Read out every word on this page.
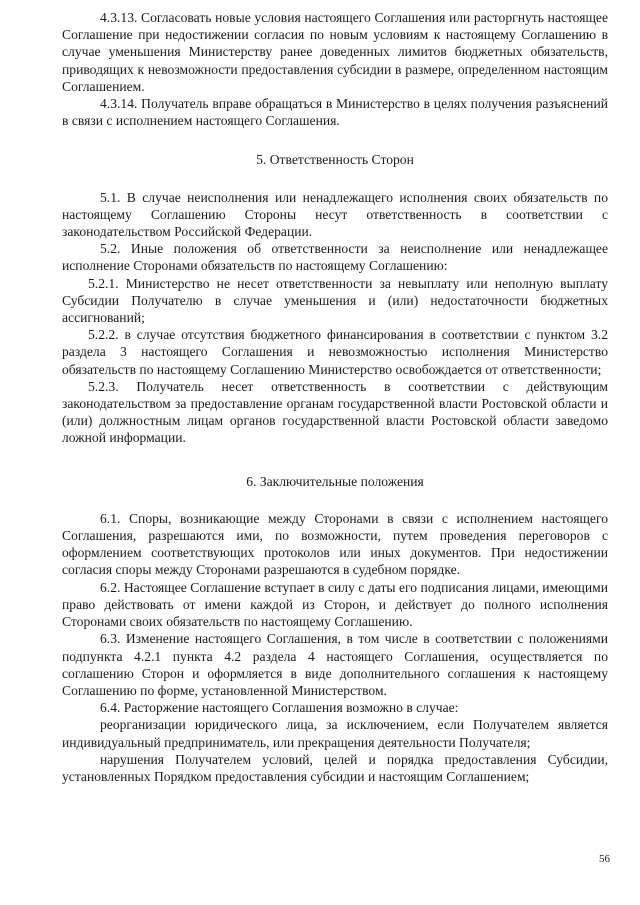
4.3.13. Согласовать новые условия настоящего Соглашения или расторгнуть настоящее Соглашение при недостижении согласия по новым условиям к настоящему Соглашению в случае уменьшения Министерству ранее доведенных лимитов бюджетных обязательств, приводящих к невозможности предоставления субсидии в размере, определенном настоящим Соглашением.

4.3.14. Получатель вправе обращаться в Министерство в целях получения разъяснений в связи с исполнением настоящего Соглашения.

5. Ответственность Сторон

5.1. В случае неисполнения или ненадлежащего исполнения своих обязательств по настоящему Соглашению Стороны несут ответственность в соответствии с законодательством Российской Федерации.

5.2. Иные положения об ответственности за неисполнение или ненадлежащее исполнение Сторонами обязательств по настоящему Соглашению:

5.2.1. Министерство не несет ответственности за невыплату или неполную выплату Субсидии Получателю в случае уменьшения и (или) недостаточности бюджетных ассигнований;

5.2.2. в случае отсутствия бюджетного финансирования в соответствии с пунктом 3.2 раздела 3 настоящего Соглашения и невозможностью исполнения Министерство обязательств по настоящему Соглашению Министерство освобождается от ответственности;

5.2.3. Получатель несет ответственность в соответствии с действующим законодательством за предоставление органам государственной власти Ростовской области и (или) должностным лицам органов государственной власти Ростовской области заведомо ложной информации.

6. Заключительные положения

6.1. Споры, возникающие между Сторонами в связи с исполнением настоящего Соглашения, разрешаются ими, по возможности, путем проведения переговоров с оформлением соответствующих протоколов или иных документов. При недостижении согласия споры между Сторонами разрешаются в судебном порядке.

6.2. Настоящее Соглашение вступает в силу с даты его подписания лицами, имеющими право действовать от имени каждой из Сторон, и действует до полного исполнения Сторонами своих обязательств по настоящему Соглашению.

6.3. Изменение настоящего Соглашения, в том числе в соответствии с положениями подпункта 4.2.1 пункта 4.2 раздела 4 настоящего Соглашения, осуществляется по соглашению Сторон и оформляется в виде дополнительного соглашения к настоящему Соглашению по форме, установленной Министерством.

6.4. Расторжение настоящего Соглашения возможно в случае:

реорганизации юридического лица, за исключением, если Получателем является индивидуальный предприниматель, или прекращения деятельности Получателя;

нарушения Получателем условий, целей и порядка предоставления Субсидии, установленных Порядком предоставления субсидии и настоящим Соглашением;

56
